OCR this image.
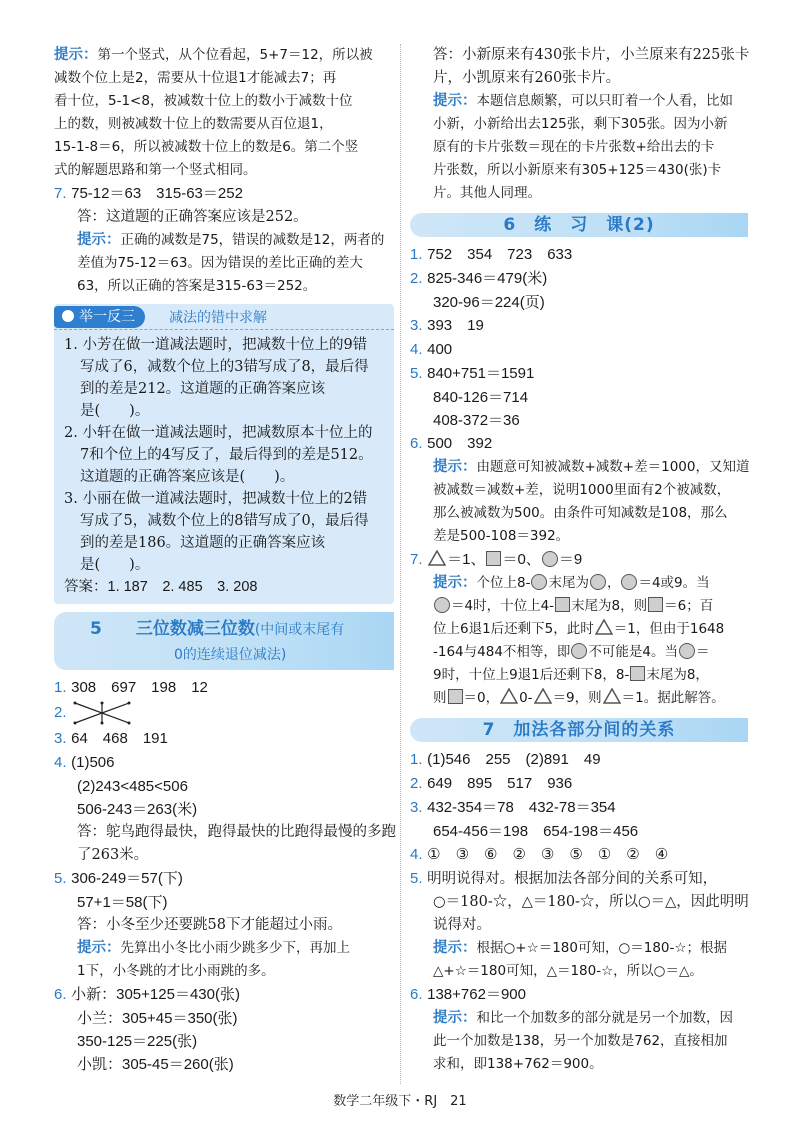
提示：第一个竖式，从个位看起，5+7＝12，所以被
减数个位上是2，需要从十位退1才能减去7；再
看十位，5-1<8，被减数十位上的数小于减数十位
上的数，则被减数十位上的数需要从百位退1，
15-1-8＝6，所以被减数十位上的数是6。第二个竖
式的解题思路和第一个竖式相同。
7. 75-12＝63　315-63＝252
答：这道题的正确答案应该是252。
提示：正确的减数是75，错误的减数是12，两者的
差值为75-12＝63。因为错误的差比正确的差大
63，所以正确的答案是315-63＝252。
举一反三	减法的错中求解
1. 小芳在做一道减法题时，把减数十位上的9错
写成了6，减数个位上的3错写成了8，最后得
到的差是212。这道题的正确答案应该
是(　　)。
2. 小轩在做一道减法题时，把减数原本十位上的
7和个位上的4写反了，最后得到的差是512。
这道题的正确答案应该是(　　)。
3. 小丽在做一道减法题时，把减数十位上的2错
写成了5，减数个位上的8错写成了0，最后得
到的差是186。这道题的正确答案应该
是(　　)。
答案：1. 187　2. 485　3. 208
5　　 三位数减三位数(中间或末尾有
0的连续退位减法)
1. 308　697　198　12
2.
3. 64　468　191
4. (1)506
(2)243<485<506
506-243＝263(米)
答：鸵鸟跑得最快，跑得最快的比跑得最慢的多跑
了263米。
5. 306-249＝57(下)
57+1＝58(下)
答：小冬至少还要跳58下才能超过小雨。
提示：先算出小冬比小雨少跳多少下，再加上
1下，小冬跳的才比小雨跳的多。
6. 小新：305+125＝430(张)
小兰：305+45＝350(张)
350-125＝225(张)
小凯：305-45＝260(张)
答：小新原来有430张卡片，小兰原来有225张卡
片，小凯原来有260张卡片。
提示：本题信息颇繁，可以只盯着一个人看，比如
小新，小新给出去125张，剩下305张。因为小新
原有的卡片张数＝现在的卡片张数+给出去的卡
片张数，所以小新原来有305+125＝430(张)卡
片。其他人同理。
6　练　习　课(2)
1. 752　354　723　633
2. 825-346＝479(米)
320-96＝224(页)
3. 393　19
4. 400
5. 840+751＝1591
840-126＝714
408-372＝36
6. 500　392
提示：由题意可知被减数+减数+差＝1000，又知道
被减数＝减数+差，说明1000里面有2个被减数，
那么被减数为500。由条件可知减数是108，那么
差是500-108＝392。
7. ＝1、 ＝0、 ＝9
提示：个位上8- 末尾为 ， ＝4或9。当
＝4时，十位上4- 末尾为8，则 ＝6；百
位上6退1后还剩下5，此时 ＝1，但由于1648
-164与484不相等，即 不可能是4。当 ＝
9时，十位上9退1后还剩下8，8- 末尾为8，
则 ＝0， 0- ＝9，则 ＝1。据此解答。
7　加法各部分间的关系
1. (1)546　255　(2)891　49
2. 649　895　517　936
3. 432-354＝78　432-78＝354
654-456＝198　654-198＝456
4. ①　③　⑥　②　③　⑤　①　②　④
5. 明明说得对。根据加法各部分间的关系可知，
○＝180-☆，△＝180-☆，所以○＝△，因此明明
说得对。
提示：根据○+☆＝180可知，○＝180-☆；根据
△+☆＝180可知，△＝180-☆，所以○＝△。
6. 138+762＝900
提示：和比一个加数多的部分就是另一个加数，因
此一个加数是138，另一个加数是762，直接相加
求和，即138+762＝900。
数学二年级下・RJ　21
